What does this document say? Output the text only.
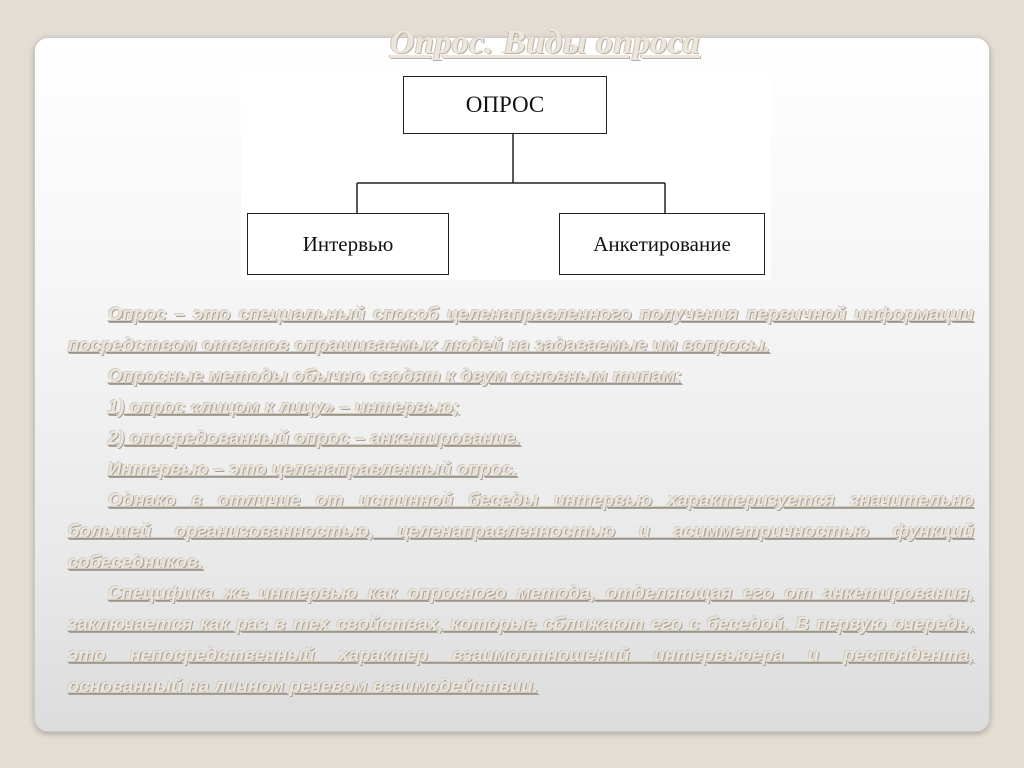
Опрос. Виды опроса
ОПРОС
Интервью	Анкетирование

Опрос – это специальный способ целенаправленного получения первичной информации посредством ответов опрашиваемых людей на задаваемые им вопросы.

Опросные методы обычно сводят к двум основным типам:

1) опрос «лицом к лицу» – интервью;

2) опосредованный опрос – анкетирование.

Интервью – это целенаправленный опрос.

Однако в отличие от истинной беседы интервью характеризуется значительно большей организованностью, целенаправленностью и асимметричностью функций собеседников.

Специфика же интервью как опросного метода, отделяющая его от анкетирования, заключается как раз в тех свойствах, которые сближают его с беседой. В первую очередь, это непосредственный характер взаимоотношений интервьюера и респондента, основанный на личном речевом взаимодействии.
